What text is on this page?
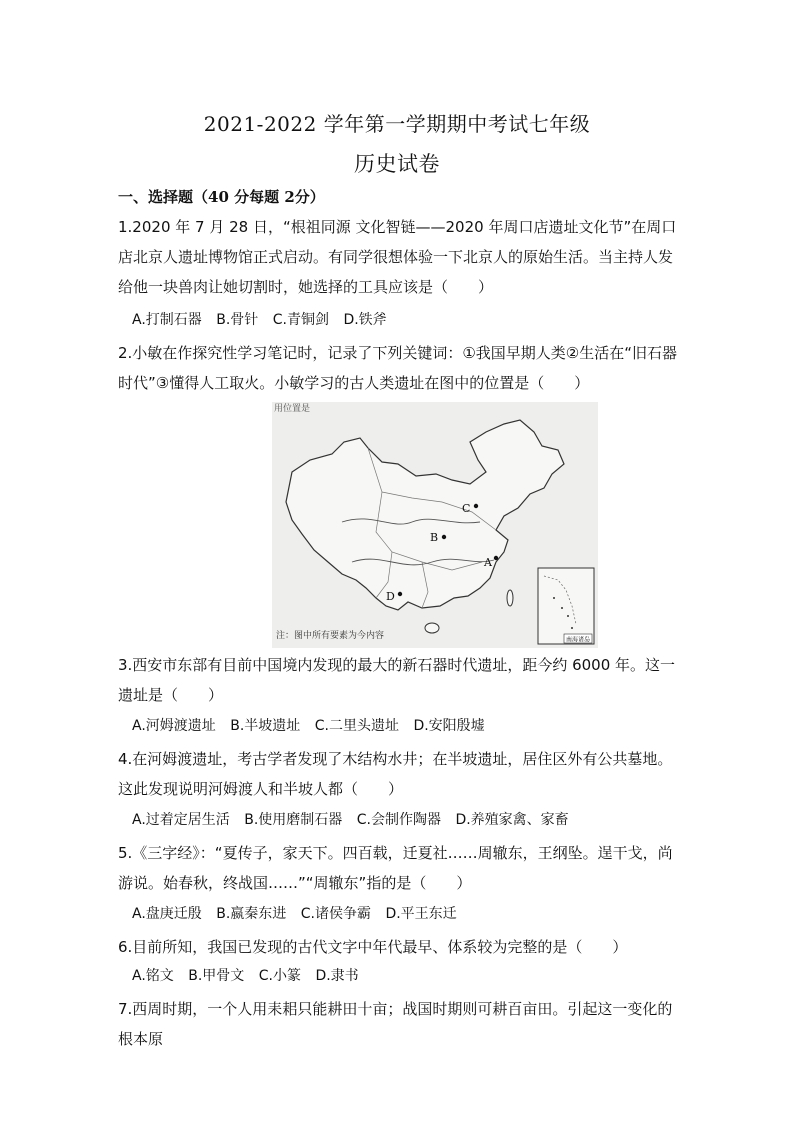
2021-2022 学年第一学期期中考试七年级
历史试卷
一、选择题（40 分每题 2分）
1.2020 年 7 月 28 日，“根祖同源 文化智链——2020 年周口店遗址文化节”在周口店北京人遗址博物馆正式启动。有同学很想体验一下北京人的原始生活。当主持人发给他一块兽肉让她切割时，她选择的工具应该是（　　）
A.打制石器 B.骨针 C.青铜剑 D.铁斧
2.小敏在作探究性学习笔记时，记录了下列关键词：①我国早期人类②生活在“旧石器时代”③懂得人工取火。小敏学习的古人类遗址在图中的位置是（　　）
用位置是
A
B
C
D
南海诸岛
注：图中所有要素为今内容
3.西安市东部有目前中国境内发现的最大的新石器时代遗址，距今约 6000 年。这一遗址是（　　）
A.河姆渡遗址 B.半坡遗址 C.二里头遗址 D.安阳殷墟
4.在河姆渡遗址，考古学者发现了木结构水井；在半坡遗址，居住区外有公共墓地。这此发现说明河姆渡人和半坡人都（　　）
A.过着定居生活 B.使用磨制石器 C.会制作陶器 D.养殖家禽、家畜
5.《三字经》：“夏传子，家天下。四百载，迁夏社……周辙东，王纲坠。逞干戈，尚游说。始春秋，终战国……”“周辙东”指的是（　　）
A.盘庚迁殷 B.嬴秦东进 C.诸侯争霸 D.平王东迁
6.目前所知，我国已发现的古代文字中年代最早、体系较为完整的是（　　）
A.铭文 B.甲骨文 C.小篆 D.隶书
7.西周时期，一个人用耒耜只能耕田十亩；战国时期则可耕百亩田。引起这一变化的根本原
